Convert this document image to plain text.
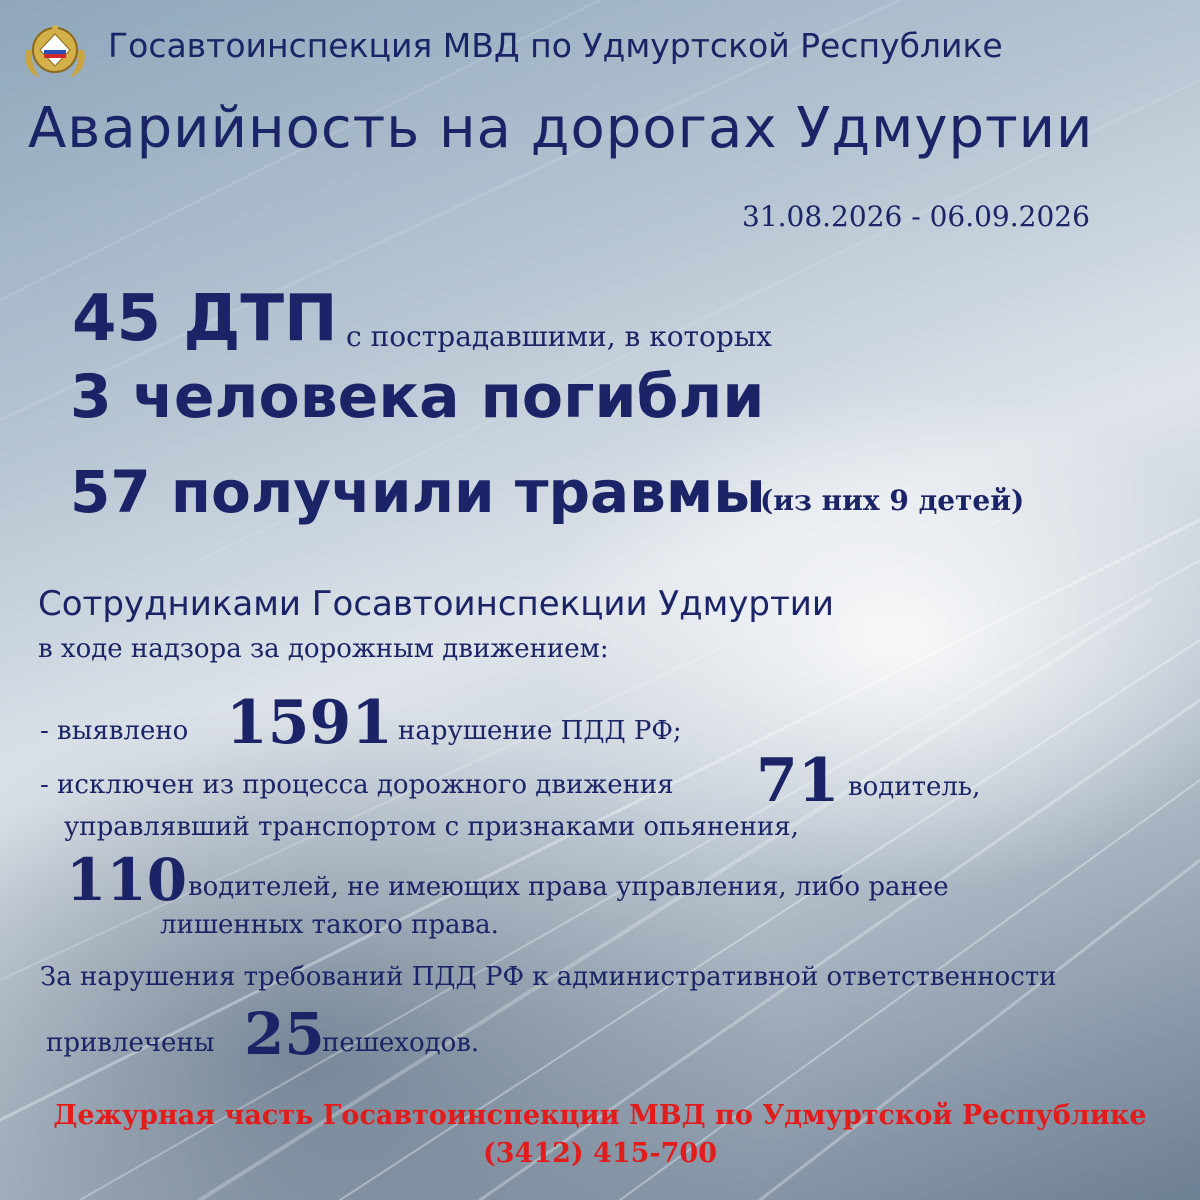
Госавтоинспекция МВД по Удмуртской Республике
Аварийность на дорогах Удмуртии
31.08.2026 - 06.09.2026
45 ДТП с пострадавшими, в которых
3 человека погибли
57 получили травмы
(из них 9 детей)
Сотрудниками Госавтоинспекции Удмуртии
в ходе надзора за дорожным движением:
- выявлено 1591 нарушение ПДД РФ;
- исключен из процесса дорожного движения 71 водитель,
управлявший транспортом с признаками опьянения,
110 водителей, не имеющих права управления, либо ранее
лишенных такого права.
За нарушения требований ПДД РФ к административной ответственности
привлечены 25
пешеходов.
Дежурная часть Госавтоинспекции МВД по Удмуртской Республике
(3412) 415-700
